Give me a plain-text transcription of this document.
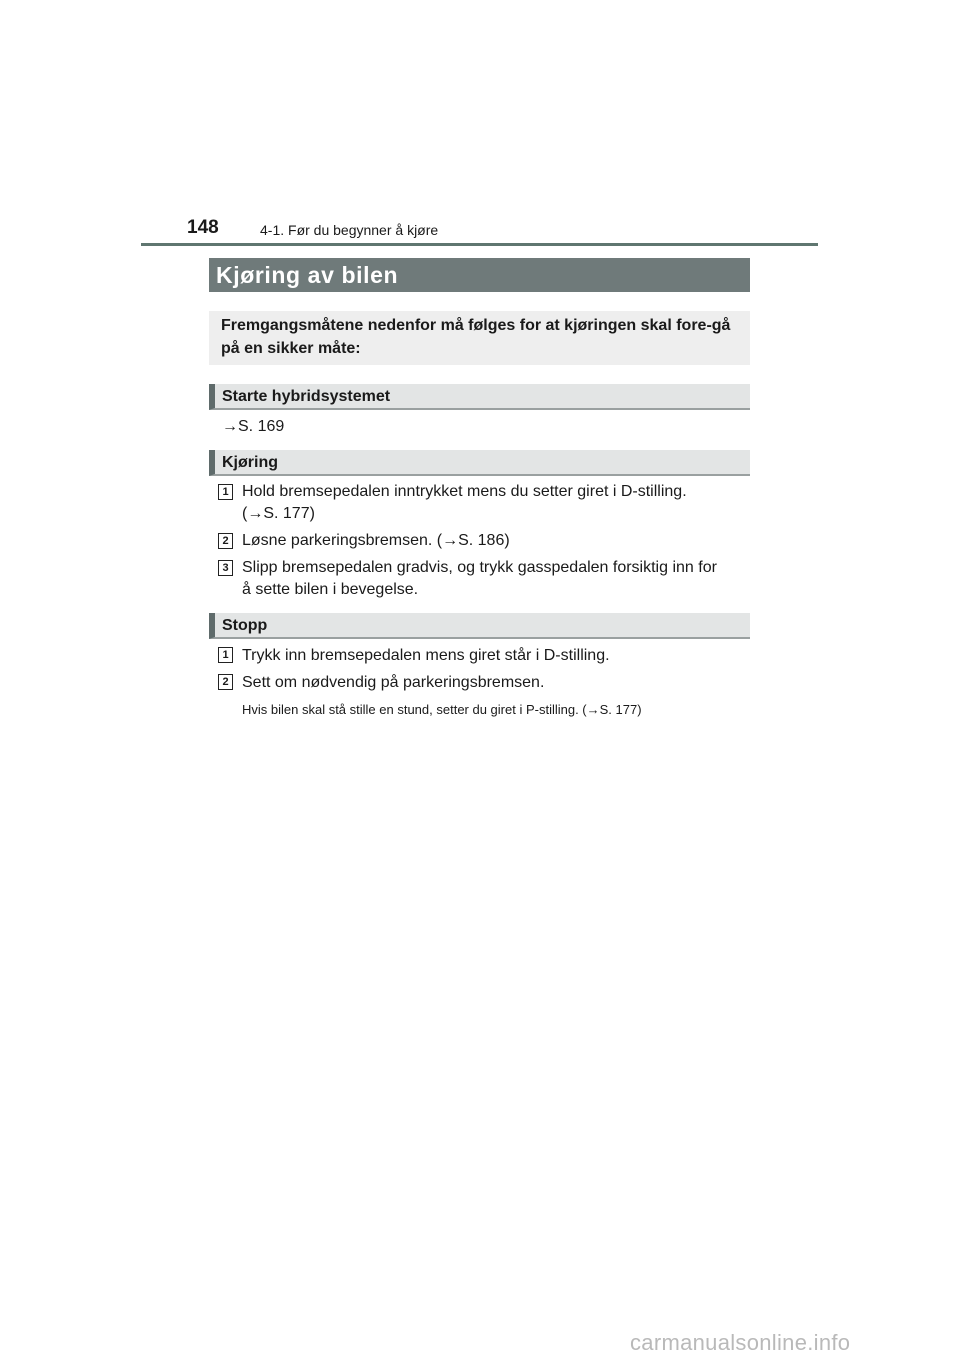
148	4-1. Før du begynner å kjøre
Kjøring av bilen
Fremgangsmåtene nedenfor må følges for at kjøringen skal fore-gå på en sikker måte:
Starte hybridsystemet
→S. 169
Kjøring
1 Hold bremsepedalen inntrykket mens du setter giret i D-stilling.
(→S. 177)
2 Løsne parkeringsbremsen. (→S. 186)
3 Slipp bremsepedalen gradvis, og trykk gasspedalen forsiktig inn for
å sette bilen i bevegelse.
Stopp
1 Trykk inn bremsepedalen mens giret står i D-stilling.
2 Sett om nødvendig på parkeringsbremsen.
Hvis bilen skal stå stille en stund, setter du giret i P-stilling. (→S. 177)
carmanualsonline.info
